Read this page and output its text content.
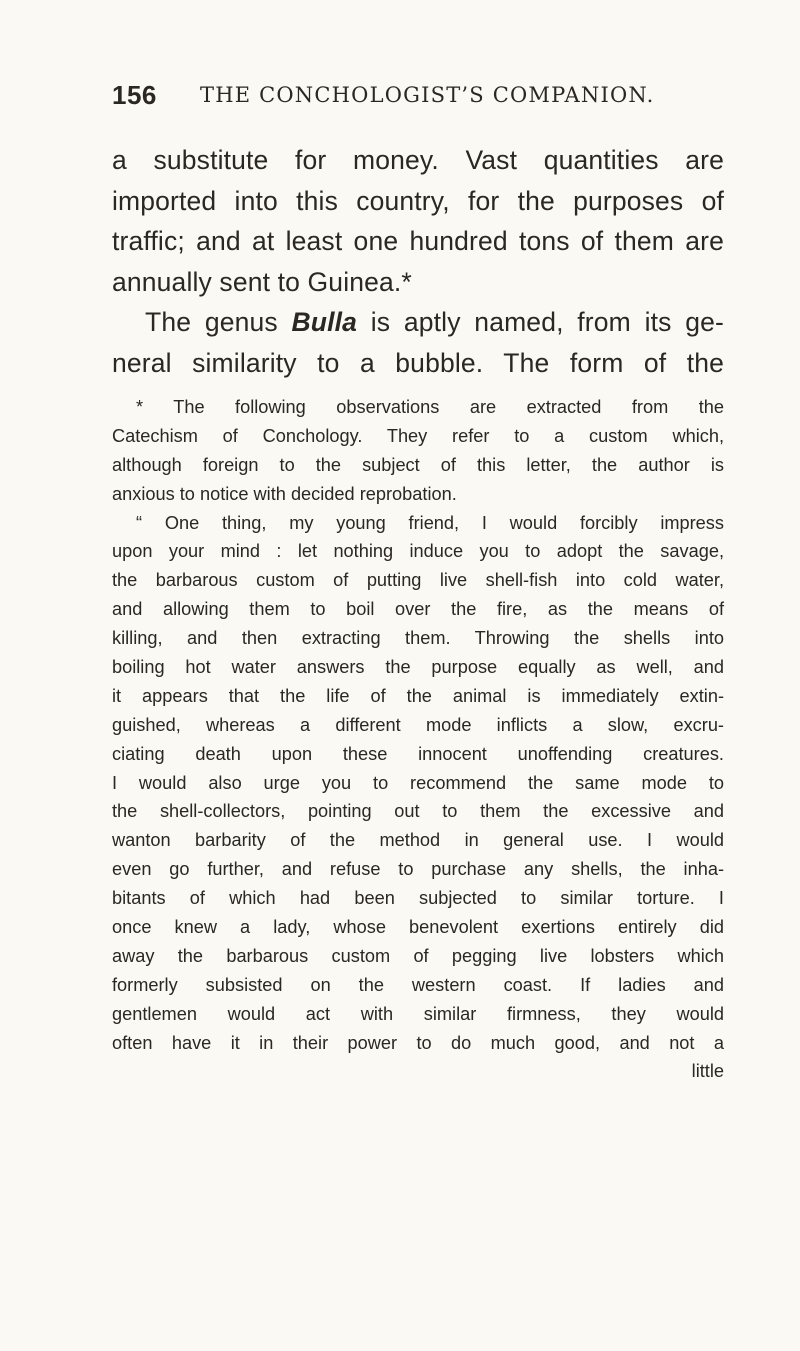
156 THE CONCHOLOGIST’S COMPANION.
a substitute for money. Vast quantities are
imported into this country, for the purposes of
traffic; and at least one hundred tons of them are
annually sent to Guinea.*
The genus Bulla is aptly named, from its ge-
neral similarity to a bubble. The form of the
* The following observations are extracted from the
Catechism of Conchology. They refer to a custom which,
although foreign to the subject of this letter, the author is
anxious to notice with decided reprobation.
“ One thing, my young friend, I would forcibly impress
upon your mind : let nothing induce you to adopt the savage,
the barbarous custom of putting live shell-fish into cold water,
and allowing them to boil over the fire, as the means of
killing, and then extracting them. Throwing the shells into
boiling hot water answers the purpose equally as well, and
it appears that the life of the animal is immediately extin-
guished, whereas a different mode inflicts a slow, excru-
ciating death upon these innocent unoffending creatures.
I would also urge you to recommend the same mode to
the shell-collectors, pointing out to them the excessive and
wanton barbarity of the method in general use. I would
even go further, and refuse to purchase any shells, the inha-
bitants of which had been subjected to similar torture. I
once knew a lady, whose benevolent exertions entirely did
away the barbarous custom of pegging live lobsters which
formerly subsisted on the western coast. If ladies and
gentlemen would act with similar firmness, they would
often have it in their power to do much good, and not a
little
